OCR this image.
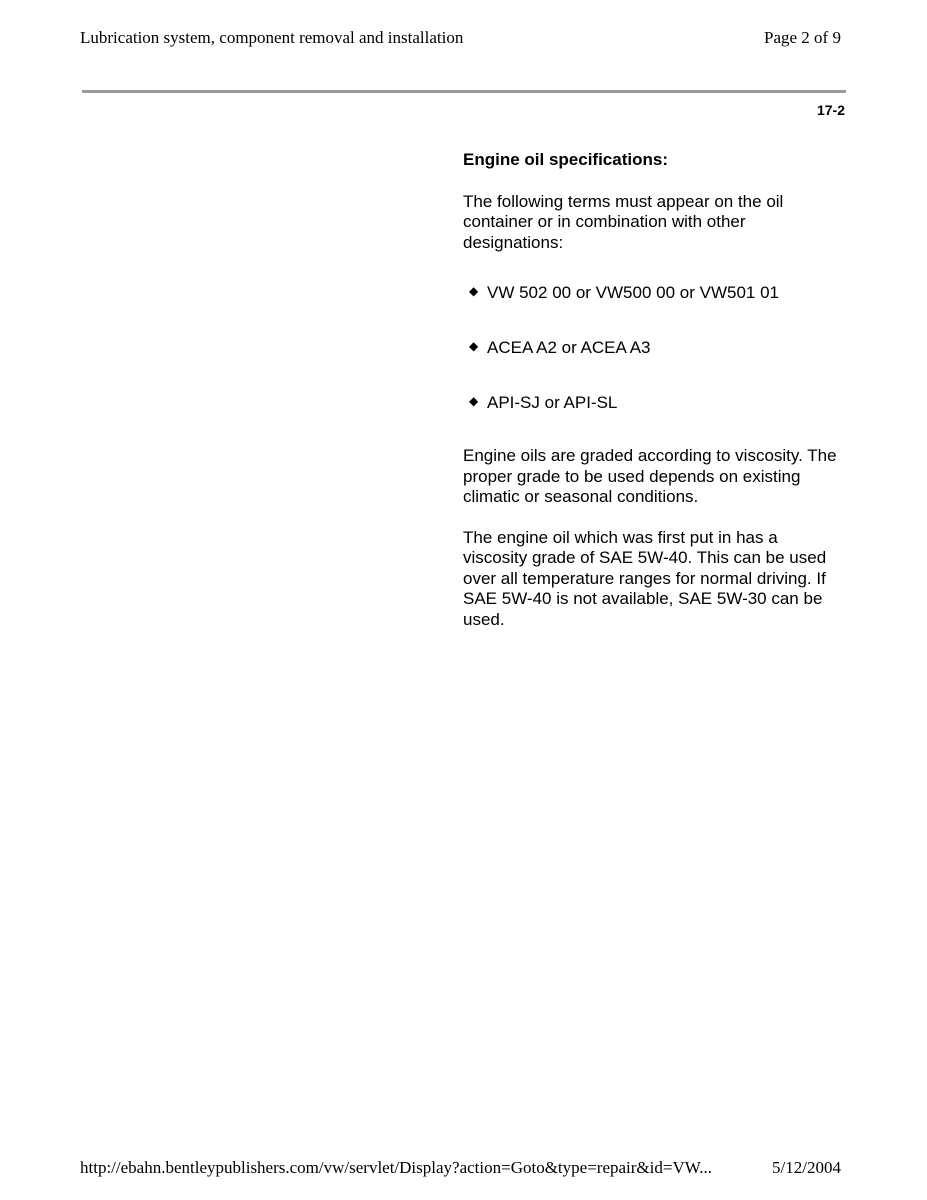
Lubrication system, component removal and installation	Page 2 of 9
17-2

Engine oil specifications:

The following terms must appear on the oil container or in combination with other designations:

◆ VW 502 00 or VW500 00 or VW501 01
◆ ACEA A2 or ACEA A3
◆ API-SJ or API-SL

Engine oils are graded according to viscosity. The proper grade to be used depends on existing climatic or seasonal conditions.

The engine oil which was first put in has a viscosity grade of SAE 5W-40. This can be used over all temperature ranges for normal driving. If SAE 5W-40 is not available, SAE 5W-30 can be used.

http://ebahn.bentleypublishers.com/vw/servlet/Display?action=Goto&type=repair&id=VW...	5/12/2004
